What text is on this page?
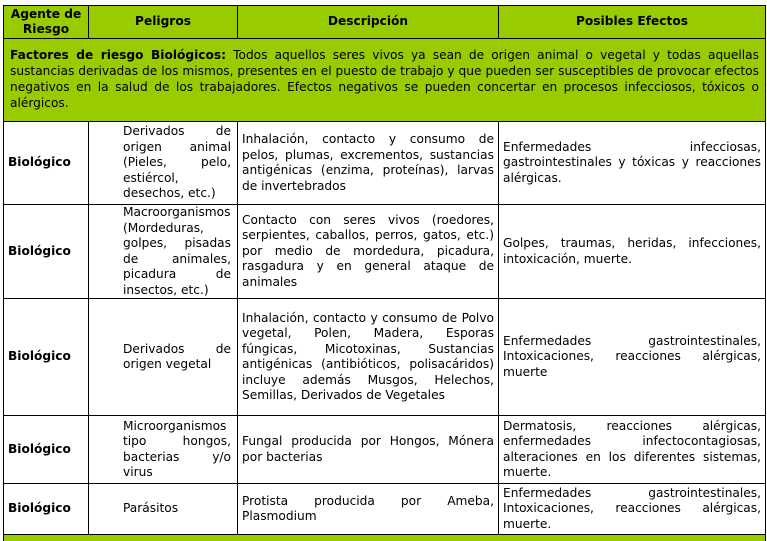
Agente de Riesgo	Peligros	Descripción	Posibles Efectos
Factores de riesgo Biológicos: Todos aquellos seres vivos ya sean de origen animal o vegetal y todas aquellas sustancias derivadas de los mismos, presentes en el puesto de trabajo y que pueden ser susceptibles de provocar efectos negativos en la salud de los trabajadores. Efectos negativos se pueden concertar en procesos infecciosos, tóxicos o alérgicos.			
Biológico	Derivados de origen animal (Pieles, pelo, estiércol, desechos, etc.)	Inhalación, contacto y consumo de pelos, plumas, excrementos, sustancias antigénicas (enzima, proteínas), larvas de invertebrados	Enfermedades infecciosas, gastrointestinales y tóxicas y reacciones alérgicas.
Biológico	Macroorganismos (Mordeduras, golpes, pisadas de animales, picadura de insectos, etc.)	Contacto con seres vivos (roedores, serpientes, caballos, perros, gatos, etc.) por medio de mordedura, picadura, rasgadura y en general ataque de animales	Golpes, traumas, heridas, infecciones, intoxicación, muerte.
Biológico	Derivados de origen vegetal	Inhalación, contacto y consumo de Polvo vegetal, Polen, Madera, Esporas fúngicas, Micotoxinas, Sustancias antigénicas (antibióticos, polisacáridos) incluye además Musgos, Helechos, Semillas, Derivados de Vegetales	Enfermedades gastrointestinales, Intoxicaciones, reacciones alérgicas, muerte
Biológico	Microorganismos tipo hongos, bacterias y/o virus	Fungal producida por Hongos, Mónera por bacterias	Dermatosis, reacciones alérgicas, enfermedades infectocontagiosas, alteraciones en los diferentes sistemas, muerte.
Biológico	Parásitos	Protista producida por Ameba, Plasmodium	Enfermedades gastrointestinales, Intoxicaciones, reacciones alérgicas, muerte.
